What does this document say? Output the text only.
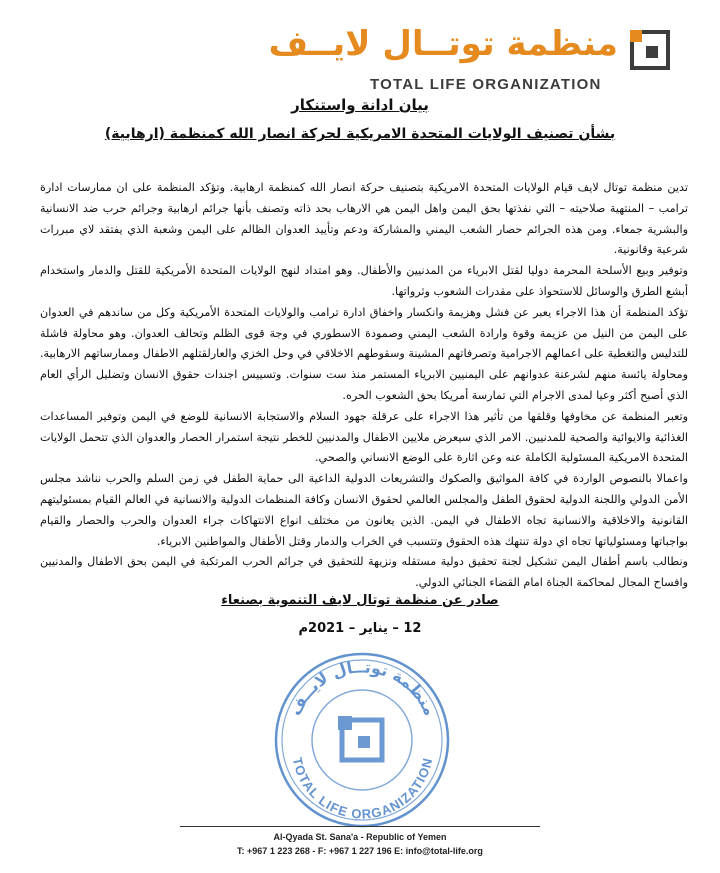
منظمة توتــال لايــف
TOTAL LIFE ORGANIZATION
بيان ادانة واستنكار
بشأن تصنيف الولايات المتحدة الامريكية لحركة انصار الله كمنظمة (ارهابية)

تدين منظمة توتال لايف قيام الولايات المتحدة الامريكية بتصنيف حركة انصار الله كمنظمة ارهابية. وتؤكد المنظمة على ان ممارسات ادارة ترامب – المنتهية صلاحيته – التي نفذتها بحق اليمن واهل اليمن هي الارهاب بحد ذاته وتصنف بأنها جرائم ارهابية وجرائم حرب ضد الانسانية والبشرية جمعاء. ومن هذه الجرائم حصار الشعب اليمني والمشاركة ودعم وتأييد العدوان الظالم على اليمن وشعبة الذي يفتقد لاي مبررات شرعية وقانونية.

وتوفير وبيع الأسلحة المحرمة دوليا لقتل الابرياء من المدنيين والأطفال. وهو امتداد لنهج الولايات المتحدة الأمريكية للقتل والدمار واستخدام أبشع الطرق والوسائل للاستحواذ على مقدرات الشعوب وثرواتها.

تؤكد المنظمة أن هذا الاجراء يعبر عن فشل وهزيمة وانكسار واخفاق ادارة ترامب والولايات المتحدة الأمريكية وكل من ساندهم في العدوان على اليمن من النيل من عزيمة وقوة وارادة الشعب اليمني وصمودة الاسطوري في وجة قوى الظلم وتحالف العدوان. وهو محاولة فاشلة للتدليس والتغطية على اعمالهم الاجرامية وتصرفاتهم المشينة وسقوطهم الاخلاقي في وحل الخزي والعارلقتلهم الاطفال وممارساتهم الارهابية. ومحاولة يائسة منهم لشرعنة عدوانهم على اليمنيين الابرياء المستمر منذ ست سنوات. وتسييس اجندات حقوق الانسان وتضليل الرأي العام الذي أصبح أكثر وعيا لمدى الاجرام التي تمارسة أمريكا بحق الشعوب الحره.

وتعبر المنظمة عن مخاوفها وقلقها من تأثير هذا الاجراء على عرقلة جهود السلام والاستجابة الانسانية للوضع في اليمن وتوفير المساعدات الغذائية والايوائية والصحية للمدنيين. الامر الذي سيعرض ملايين الاطفال والمدنيين للخطر نتيجة استمرار الحصار والعدوان الذي تتحمل الولايات المتحدة الامريكية المسئولية الكاملة عنه وعن اثارة على الوضع الانساني والصحي.

واعمالا بالنصوص الواردة في كافة المواثيق والصكوك والتشريعات الدولية الداعية الى حماية الطفل في زمن السلم والحرب نناشد مجلس الأمن الدولي واللجنة الدولية لحقوق الطفل والمجلس العالمي لحقوق الانسان وكافة المنظمات الدولية والانسانية في العالم القيام بمسئوليتهم القانونية والاخلاقية والانسانية تجاه الاطفال في اليمن. الذين يعانون من مختلف انواع الانتهاكات جراء العدوان والحرب والحصار والقيام بواجباتها ومسئولياتها تجاه اي دولة تنتهك هذه الحقوق وتتسبب في الخراب والدمار وقتل الأطفال والمواطنين الابرياء.

ونطالب باسم أطفال اليمن تشكيل لجنة تحقيق دولية مستقله ونزيهة للتحقيق في جرائم الحرب المرتكبة في اليمن بحق الاطفال والمدنيين وافساح المجال لمحاكمة الجناة امام القضاء الجنائي الدولي.

صادر عن منظمة توتال لايف التنموية بصنعاء
12 – يناير – 2021م
منظمة توتــال لايــف
TOTAL LIFE ORGANIZATION
Al-Qyada St. Sana'a - Republic of Yemen
T: +967 1 223 268 - F: +967 1 227 196 E: info@total-life.org
